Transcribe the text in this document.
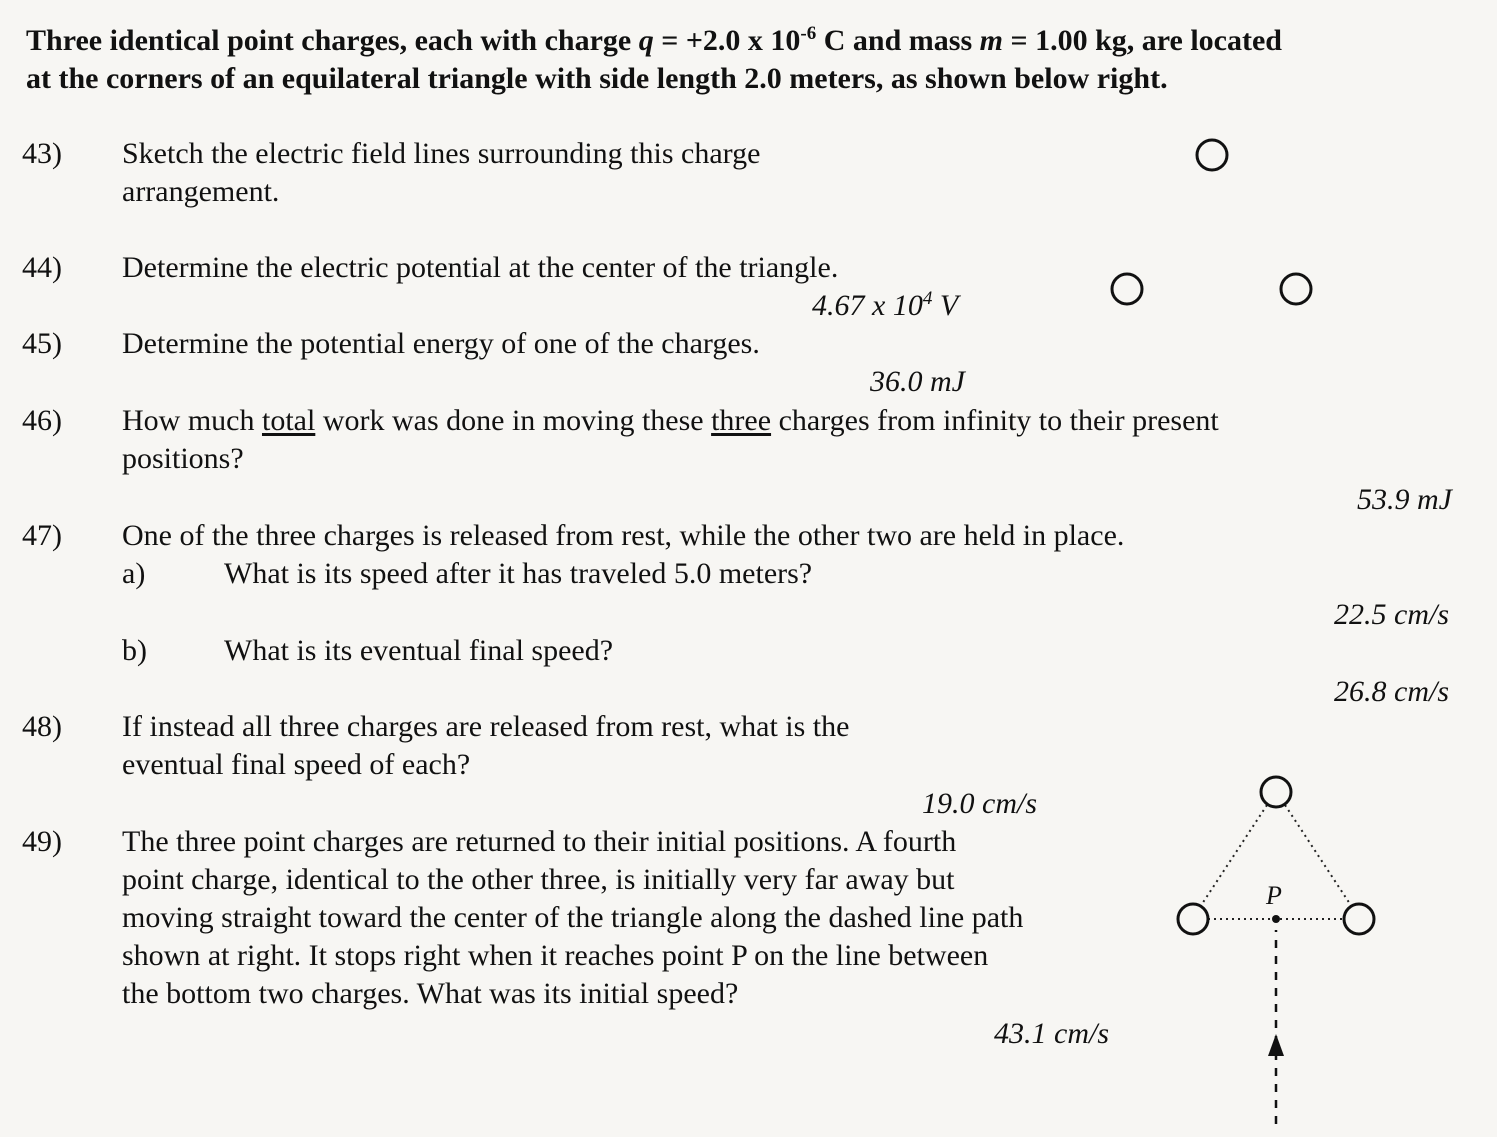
Three identical point charges, each with charge q = +2.0 x $10^{-6}$ C and mass m = 1.00 kg, are located
at the corners of an equilateral triangle with side length 2.0 meters, as shown below right.
43) Sketch the electric field lines surrounding this charge
arrangement.
44) Determine the electric potential at the center of the triangle.
4.67 x $10^4$ V
45) Determine the potential energy of one of the charges.
36.0 mJ
46) How much total work was done in moving these three charges from infinity to their present
positions?
53.9 mJ
47) One of the three charges is released from rest, while the other two are held in place.
a)	What is its speed after it has traveled 5.0 meters?
22.5 cm/s
b)	What is its eventual final speed?
26.8 cm/s
48) If instead all three charges are released from rest, what is the
eventual final speed of each?
19.0 cm/s
49) The three point charges are returned to their initial positions. A fourth
point charge, identical to the other three, is initially very far away but
moving straight toward the center of the triangle along the dashed line path
shown at right. It stops right when it reaches point P on the line between
the bottom two charges. What was its initial speed?
43.1 cm/s
P
